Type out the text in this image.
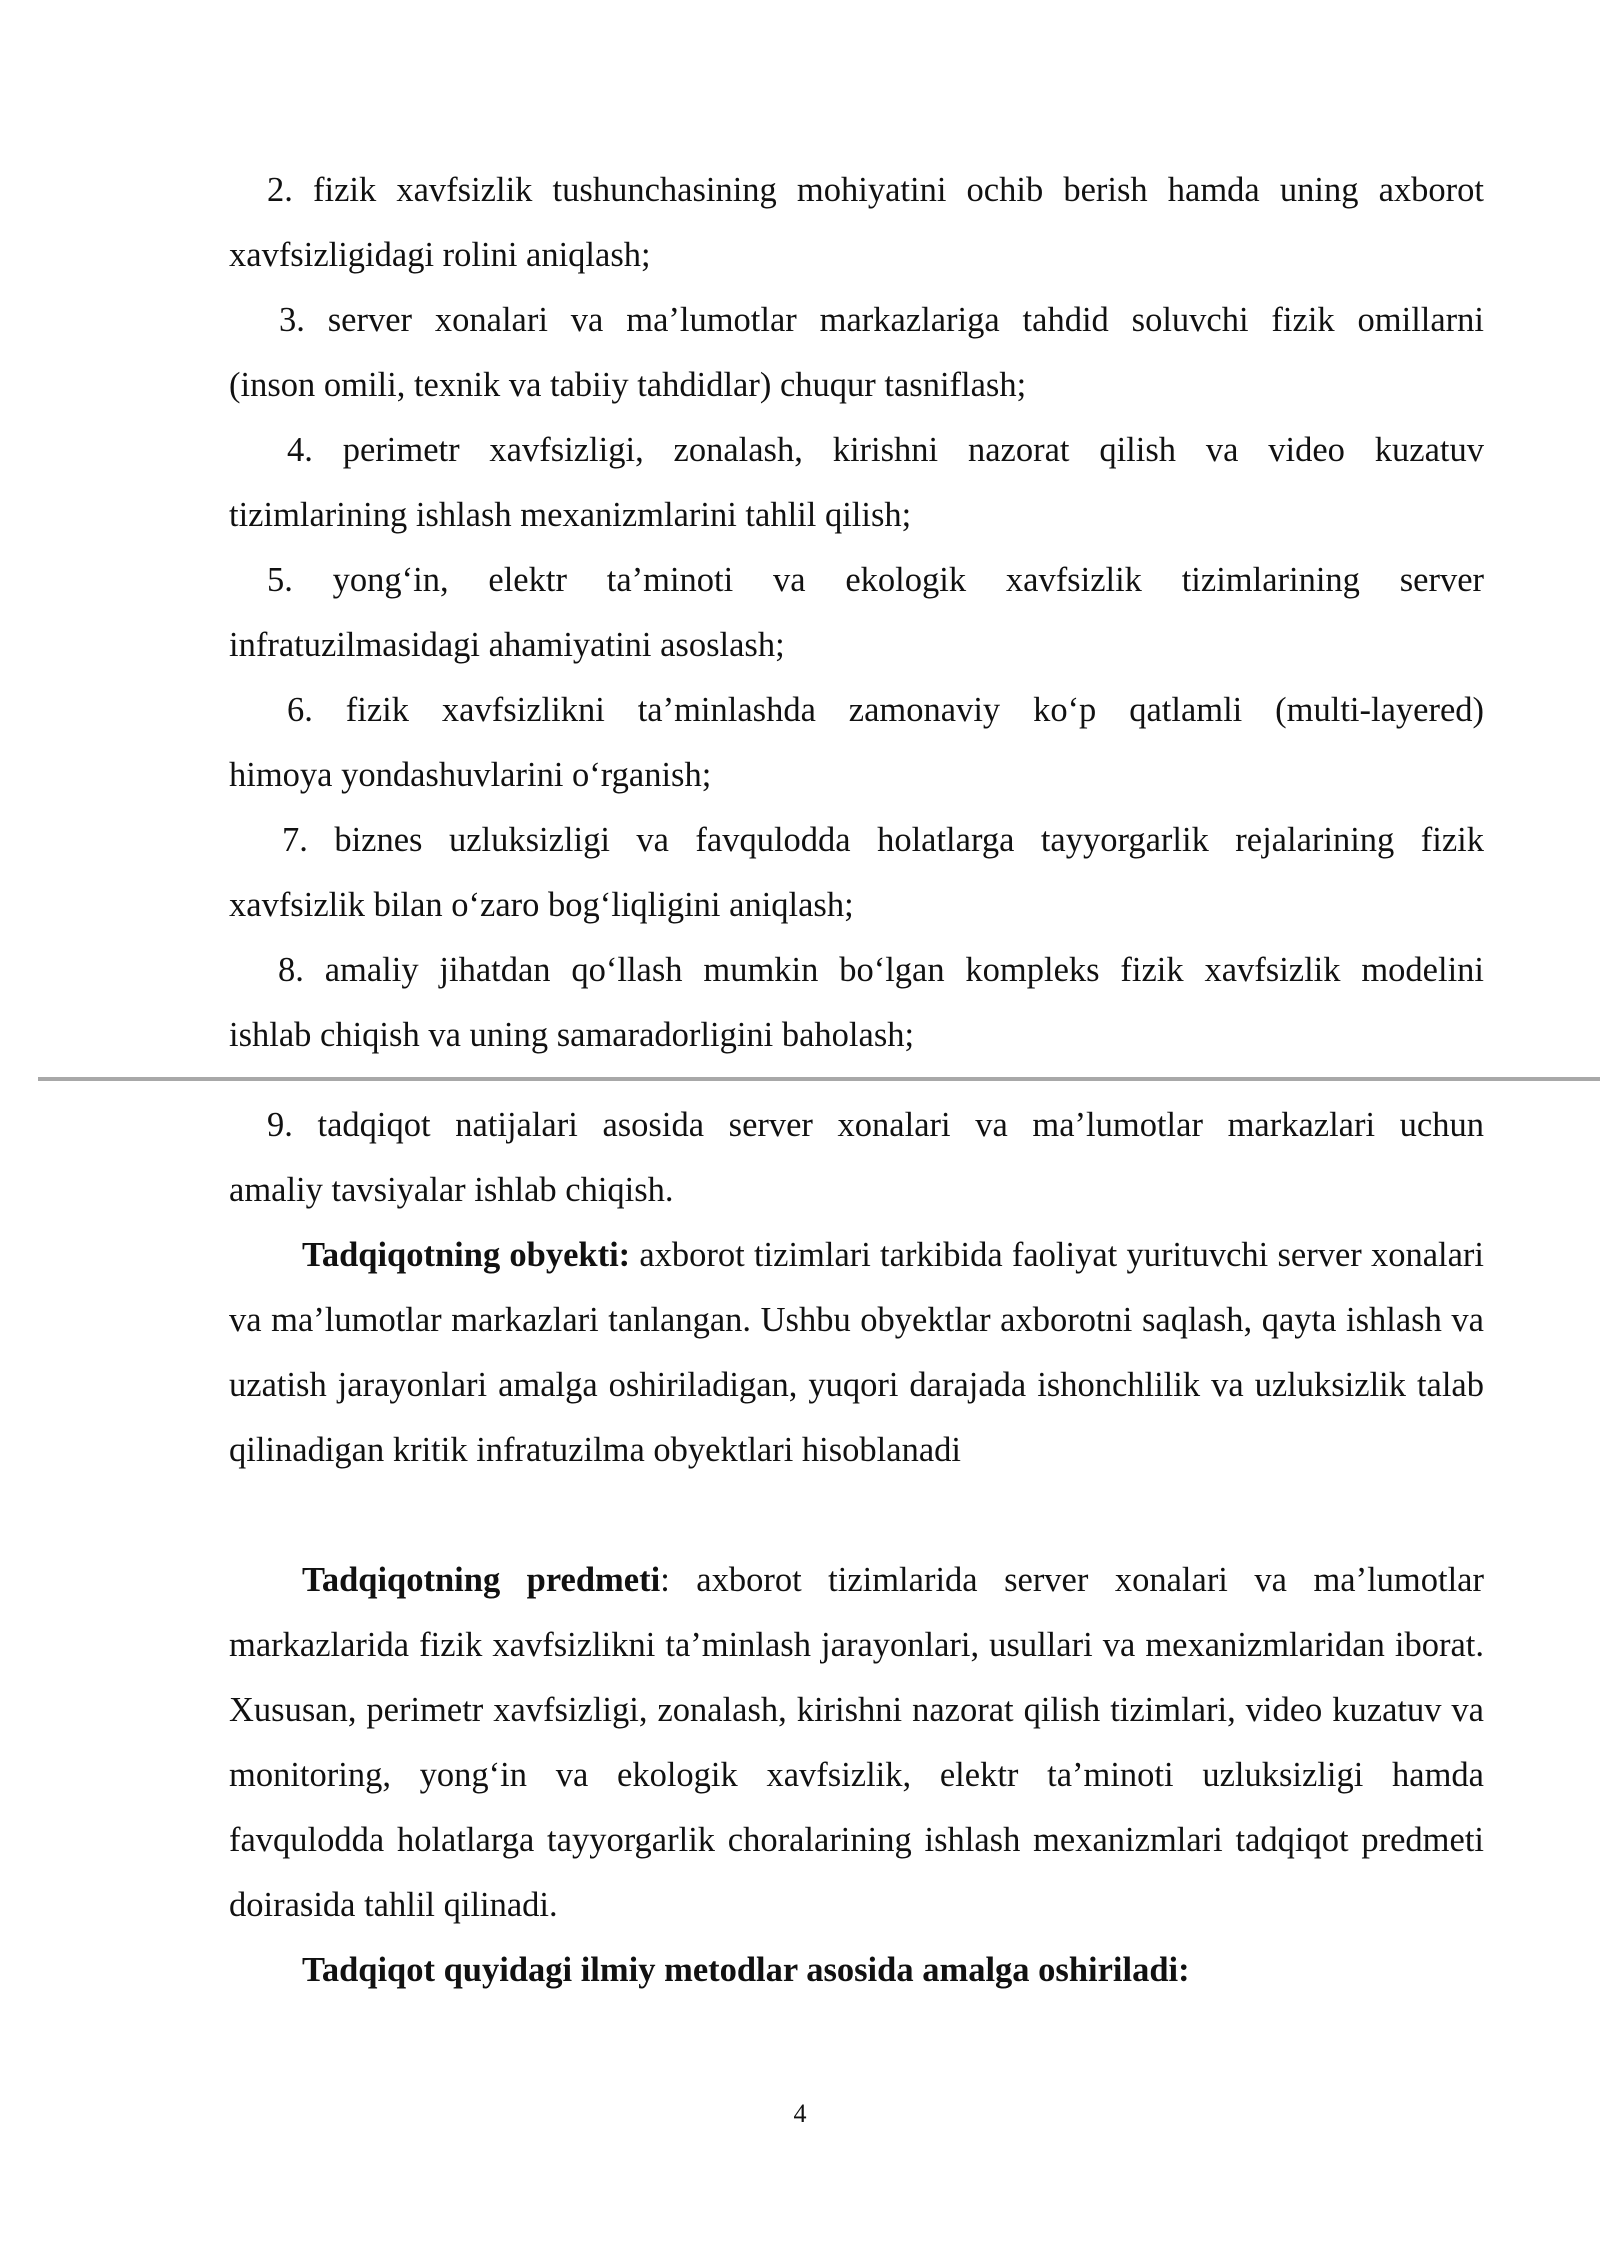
2. fizik xavfsizlik tushunchasining mohiyatini ochib berish hamda uning axborot
xavfsizligidagi rolini aniqlash;
3. server xonalari va ma’lumotlar markazlariga tahdid soluvchi fizik omillarni
(inson omili, texnik va tabiiy tahdidlar) chuqur tasniflash;
4. perimetr xavfsizligi, zonalash, kirishni nazorat qilish va video kuzatuv
tizimlarining ishlash mexanizmlarini tahlil qilish;
5. yong‘in, elektr ta’minoti va ekologik xavfsizlik tizimlarining server
infratuzilmasidagi ahamiyatini asoslash;
6. fizik xavfsizlikni ta’minlashda zamonaviy ko‘p qatlamli (multi-layered)
himoya yondashuvlarini o‘rganish;
7. biznes uzluksizligi va favqulodda holatlarga tayyorgarlik rejalarining fizik
xavfsizlik bilan o‘zaro bog‘liqligini aniqlash;
8. amaliy jihatdan qo‘llash mumkin bo‘lgan kompleks fizik xavfsizlik modelini
ishlab chiqish va uning samaradorligini baholash;
9. tadqiqot natijalari asosida server xonalari va ma’lumotlar markazlari uchun
amaliy tavsiyalar ishlab chiqish.

Tadqiqotning obyekti: axborot tizimlari tarkibida faoliyat yurituvchi server xonalari va ma’lumotlar markazlari tanlangan. Ushbu obyektlar axborotni saqlash, qayta ishlash va uzatish jarayonlari amalga oshiriladigan, yuqori darajada ishonchlilik va uzluksizlik talab qilinadigan kritik infratuzilma obyektlari hisoblanadi

Tadqiqotning predmeti: axborot tizimlarida server xonalari va ma’lumotlar markazlarida fizik xavfsizlikni ta’minlash jarayonlari, usullari va mexanizmlaridan iborat. Xususan, perimetr xavfsizligi, zonalash, kirishni nazorat qilish tizimlari, video kuzatuv va monitoring, yong‘in va ekologik xavfsizlik, elektr ta’minoti uzluksizligi hamda favqulodda holatlarga tayyorgarlik choralarining ishlash mexanizmlari tadqiqot predmeti doirasida tahlil qilinadi.

Tadqiqot quyidagi ilmiy metodlar asosida amalga oshiriladi:

4
